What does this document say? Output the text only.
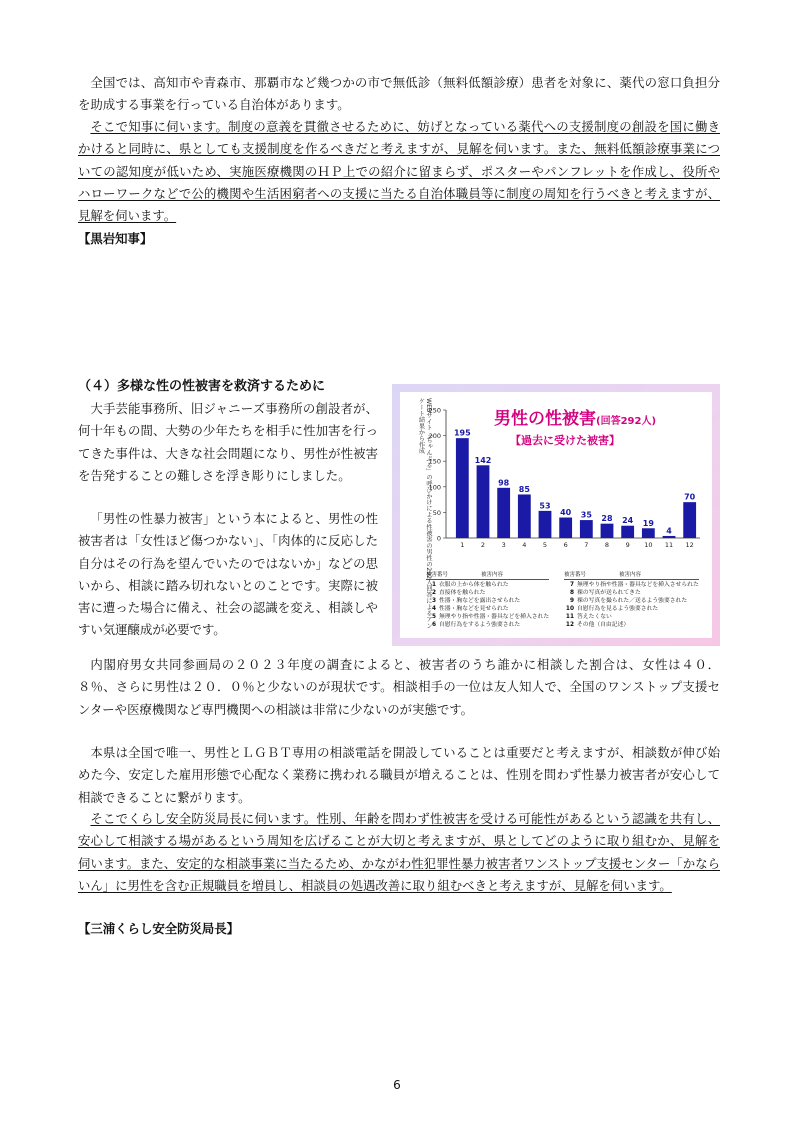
全国では、高知市や青森市、那覇市など幾つかの市で無低診（無料低額診療）患者を対象に、薬代の窓口負担分を助成する事業を行っている自治体があります。
そこで知事に伺います。制度の意義を貫徹させるために、妨げとなっている薬代への支援制度の創設を国に働きかけると同時に、県としても支援制度を作るべきだと考えますが、見解を伺います。また、無料低額診療事業についての認知度が低いため、実施医療機関のＨＰ上での紹介に留まらず、ポスターやパンフレットを作成し、役所やハローワークなどで公的機関や生活困窮者への支援に当たる自治体職員等に制度の周知を行うべきと考えますが、見解を伺います。
【黒岩知事】
（４）多様な性の性被害を救済するために
大手芸能事務所、旧ジャニーズ事務所の創設者が、何十年もの間、大勢の少年たちを相手に性加害を行ってきた事件は、大きな社会問題になり、男性が性被害を告発することの難しさを浮き彫りにしました。
「男性の性暴力被害」という本によると、男性の性被害者は「女性ほど傷つかない」、「肉体的に反応した自分はその行為を望んでいたのではないか」などの思いから、相談に踏み切れないとのことです。実際に被害に遭った場合に備え、社会の認識を変え、相談しやすい気運醸成が必要です。
内閣府男女共同参画局の２０２３年度の調査によると、被害者のうち誰かに相談した割合は、女性は４０．８％、さらに男性は２０．０％と少ないのが現状です。相談相手の一位は友人知人で、全国のワンストップ支援センターや医療機関など専門機関への相談は非常に少ないのが実態です。
本県は全国で唯一、男性とＬＧＢＴ専用の相談電話を開設していることは重要だと考えますが、相談数が伸び始めた今、安定した雇用形態で心配なく業務に携われる職員が増えることは、性別を問わず性暴力被害者が安心して相談できることに繋がります。
そこでくらし安全防災局長に伺います。性別、年齢を問わず性被害を受ける可能性があるという認識を共有し、安心して相談する場があるという周知を広げることが大切と考えますが、県としてどのように取り組むか、見解を伺います。また、安定的な相談事業に当たるため、かながわ性犯罪性暴力被害者ワンストップ支援センター「かならいん」に男性を含む正規職員を増員し、相談員の処遇改善に取り組むべきと考えますが、見解を伺います。
【三浦くらし安全防災局長】
WEBサイト「ちゃんぷる」の呼びかけによる性被害の男性の292人回答によるアンケート結果から作成
0
50
100
150
200
250
195
1
142
2
98
3
85
4
53
5
40
6
35
7
28
8
24
9
19
10
4
11
70
12
男性の性被害(回答292人)
【過去に受けた被害】
被害番号　　　　　　	被害内容
1 衣服の上から体を触られた
2 直接体を触られた
3 性器・胸などを露出させられた
4 性器・胸などを見せられた
5 無理やり指や性器・器具などを挿入された
6 自慰行為をするよう強要された
被害番号　　　　　　	被害内容
7 無理やり指や性器・器具などを挿入させられた
8 裸の写真が送られてきた
9 裸の写真を撮られた／送るよう強要された
10 自慰行為を見るよう強要された
11 答えたくない
12 その他（自由記述）
6
